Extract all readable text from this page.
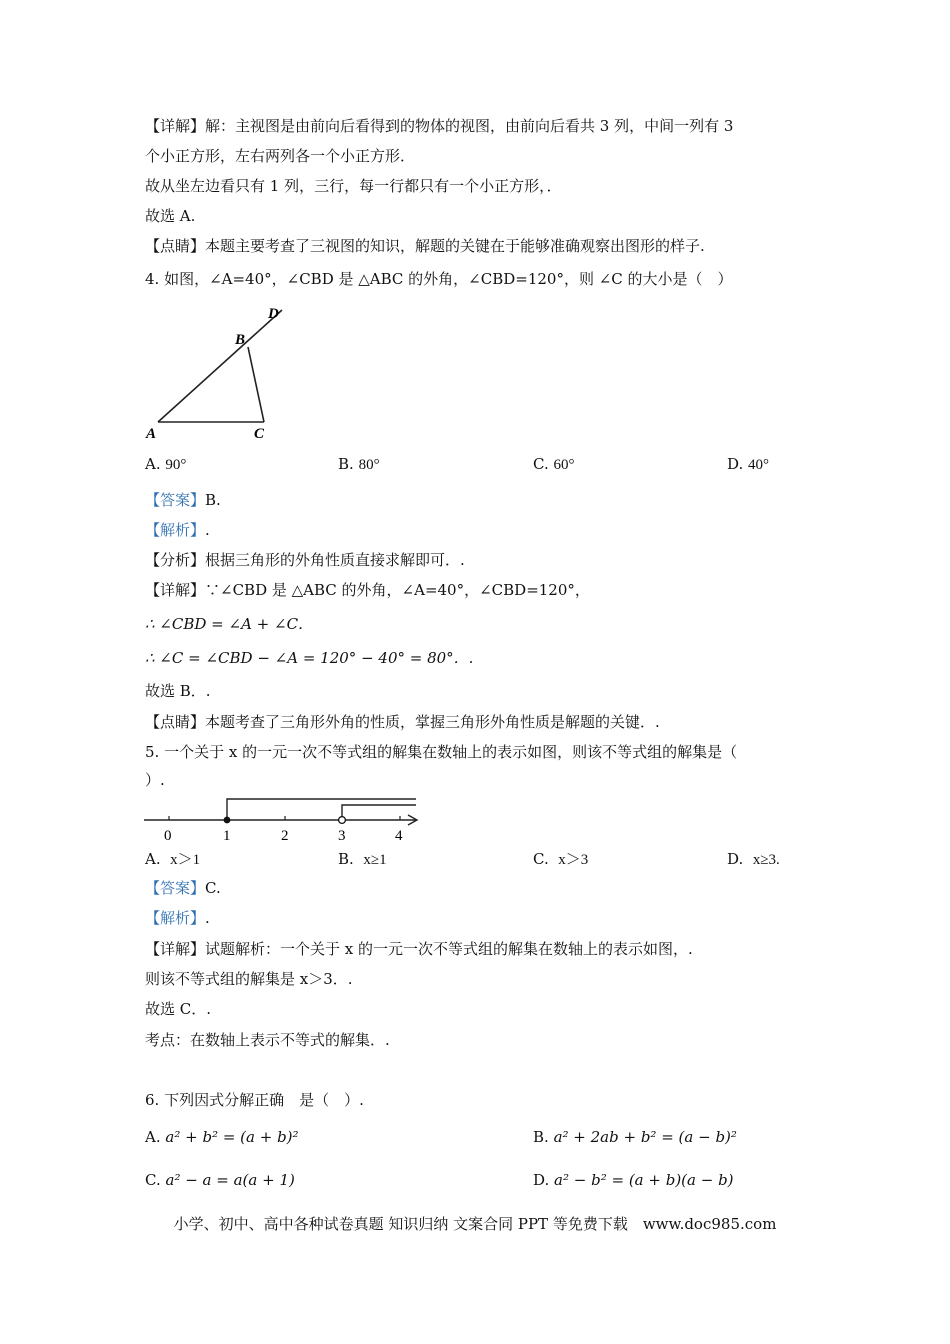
【详解】解：主视图是由前向后看得到的物体的视图，由前向后看共 3 列，中间一列有 3
个小正方形，左右两列各一个小正方形．
故从坐左边看只有 1 列，三行，每一行都只有一个小正方形，．
故选 A.
【点睛】本题主要考查了三视图的知识，解题的关键在于能够准确观察出图形的样子.
4. 如图，∠A=40°，∠CBD 是 △ABC 的外角，∠CBD=120°，则 ∠C 的大小是（　）
A
B
C
D
A. 90°	B. 80°	C. 60°	D. 40°
【答案】B.
【解析】.
【分析】根据三角形的外角性质直接求解即可．.
【详解】∵∠CBD 是 △ABC 的外角，∠A=40°，∠CBD=120°，
∴ ∠CBD = ∠A + ∠C．
∴ ∠C = ∠CBD − ∠A = 120° − 40° = 80°．.
故选 B．.
【点睛】本题考查了三角形外角的性质，掌握三角形外角性质是解题的关键．.
5. 一个关于 x 的一元一次不等式组的解集在数轴上的表示如图，则该不等式组的解集是（
）.
0	1	2	3	4
A. x＞1	B. x≥1	C. x＞3	D. x≥3.
【答案】C.
【解析】.
【详解】试题解析：一个关于 x 的一元一次不等式组的解集在数轴上的表示如图，.
则该不等式组的解集是 x＞3．.
故选 C．.
考点：在数轴上表示不等式的解集．.
6. 下列因式分解正确　是（　）.
A. a² + b² = (a + b)²	B. a² + 2ab + b² = (a − b)²
C. a² − a = a(a + 1)	D. a² − b² = (a + b)(a − b)
小学、初中、高中各种试卷真题 知识归纳 文案合同 PPT 等免费下载　www.doc985.com
